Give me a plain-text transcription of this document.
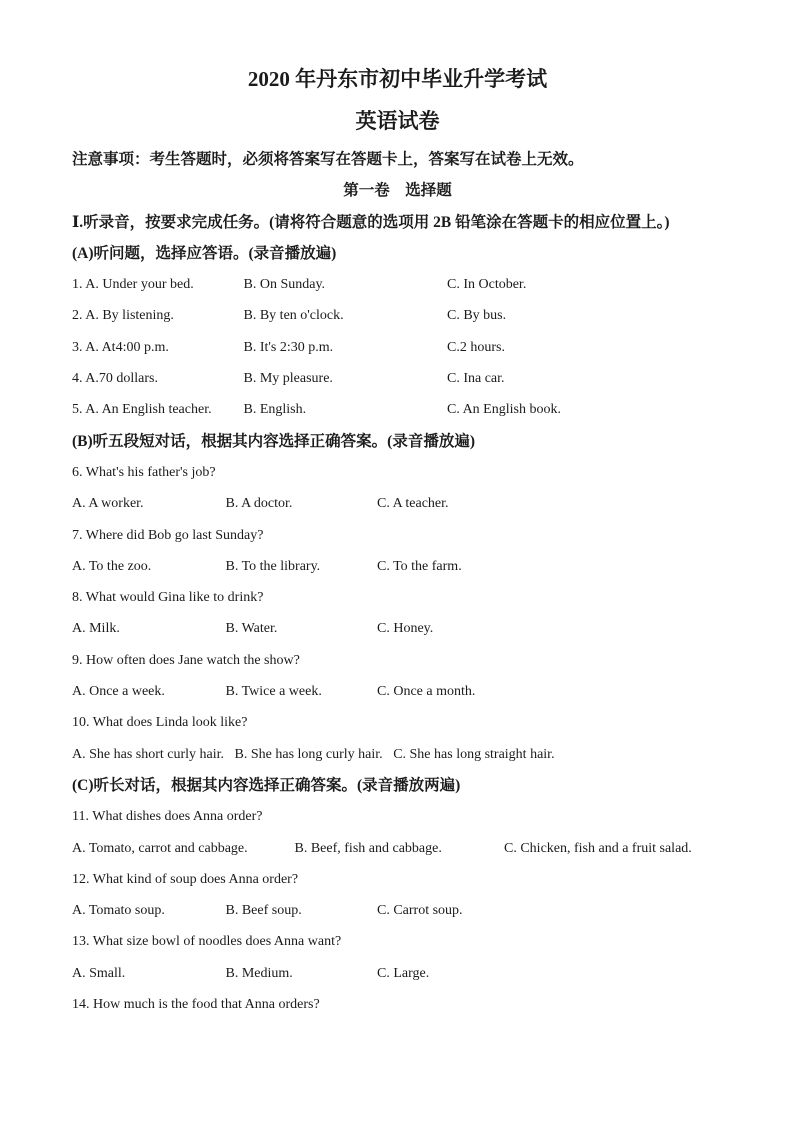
2020 年丹东市初中毕业升学考试
英语试卷
注意事项：考生答题时，必须将答案写在答题卡上，答案写在试卷上无效。
第一卷　选择题
Ⅰ.听录音，按要求完成任务。(请将符合题意的选项用 2B 铅笔涂在答题卡的相应位置上。)
(A)听问题，选择应答语。(录音播放遍)
1. A. Under your bed.	B. On Sunday.	C. In October.
2. A. By listening.	B. By ten o'clock.	C. By bus.
3. A. At4:00 p.m.	B. It's 2:30 p.m.	C.2 hours.
4. A.70 dollars.	B. My pleasure.	C. Ina car.
5. A. An English teacher. B. English.	C. An English book.
(B)听五段短对话，根据其内容选择正确答案。(录音播放遍)
6. What's his father's job?
A. A worker.	B. A doctor.	C. A teacher.
7. Where did Bob go last Sunday?
A. To the zoo.	B. To the library.	C. To the farm.
8. What would Gina like to drink?
A. Milk.	B. Water.	C. Honey.
9. How often does Jane watch the show?
A. Once a week.	B. Twice a week.	C. Once a month.
10. What does Linda look like?
A. She has short curly hair. B. She has long curly hair. C. She has long straight hair.
(C)听长对话，根据其内容选择正确答案。(录音播放两遍)
11. What dishes does Anna order?
A. Tomato, carrot and cabbage.	B. Beef, fish and cabbage.	C. Chicken, fish and a fruit salad.
12. What kind of soup does Anna order?
A. Tomato soup.	B. Beef soup.	C. Carrot soup.
13. What size bowl of noodles does Anna want?
A. Small.	B. Medium.	C. Large.
14. How much is the food that Anna orders?
